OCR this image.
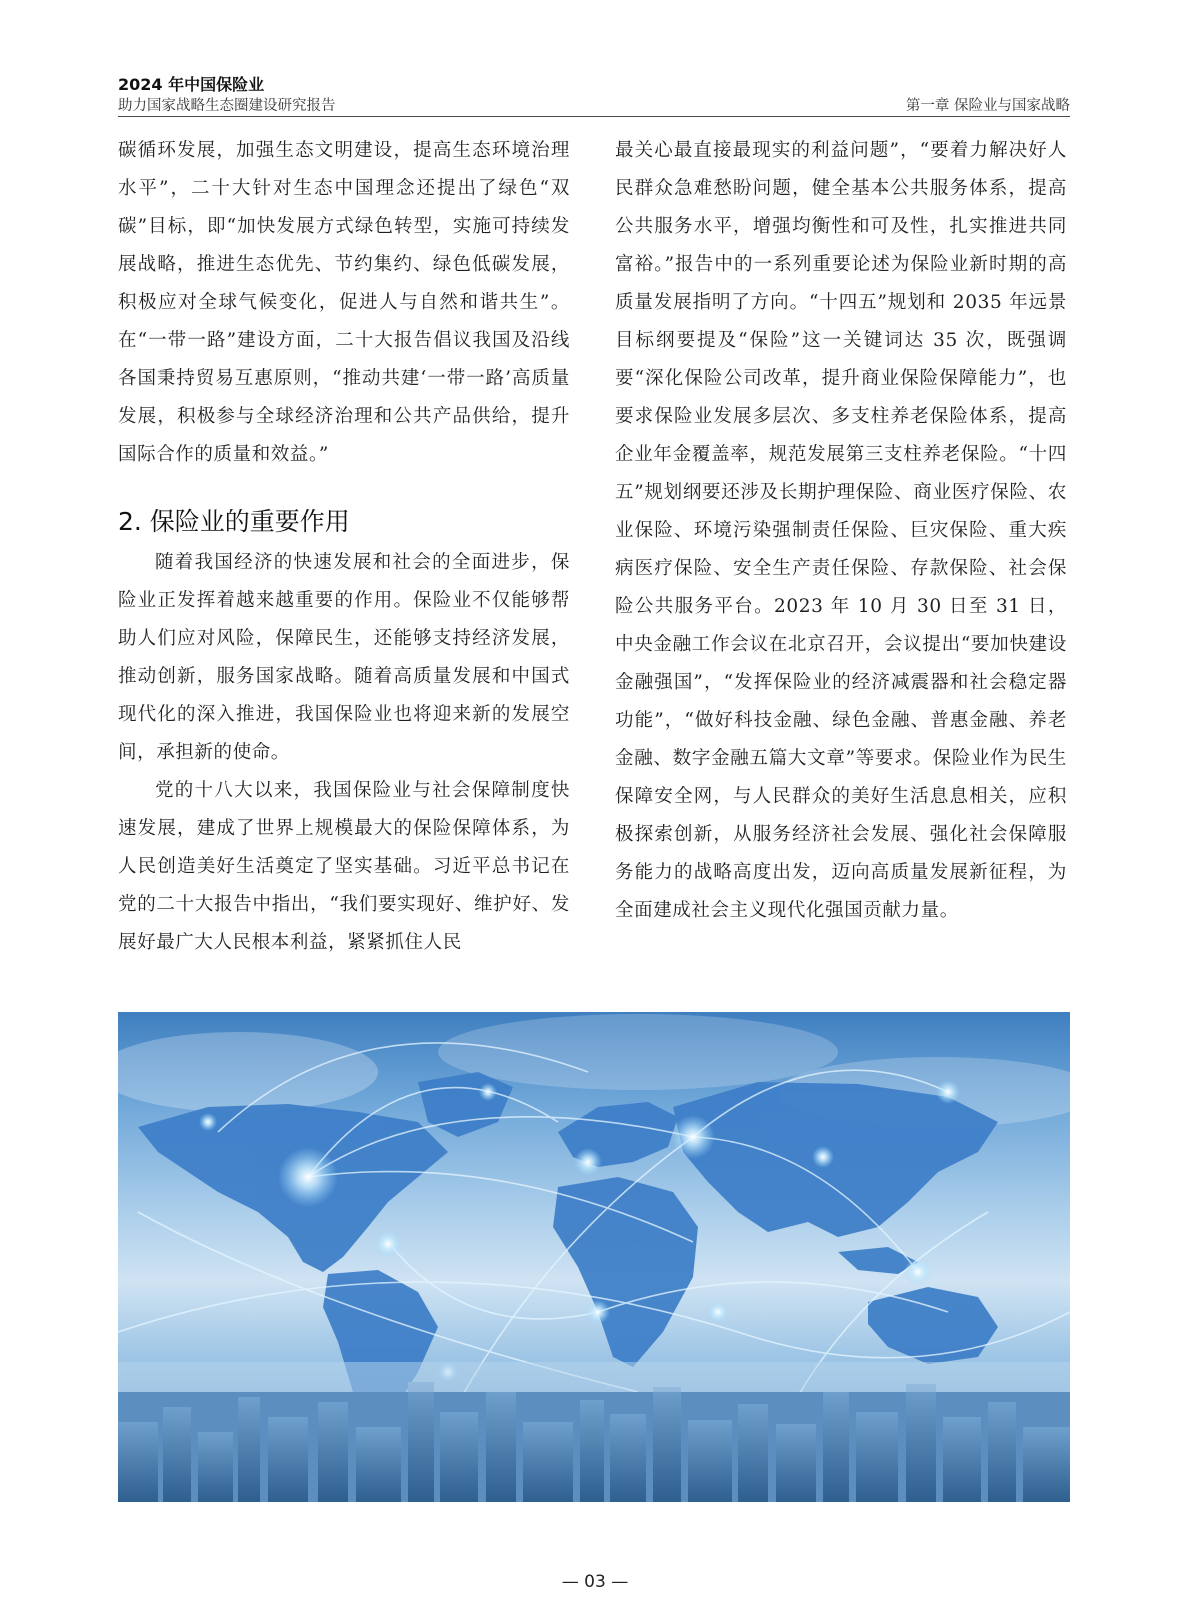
2024 年中国保险业
助力国家战略生态圈建设研究报告	第一章 保险业与国家战略

碳循环发展，加强生态文明建设，提高生态环境治理水平”，二十大针对生态中国理念还提出了绿色“双碳”目标，即“加快发展方式绿色转型，实施可持续发展战略，推进生态优先、节约集约、绿色低碳发展，积极应对全球气候变化，促进人与自然和谐共生”。在“一带一路”建设方面，二十大报告倡议我国及沿线各国秉持贸易互惠原则，“推动共建‘一带一路’高质量发展，积极参与全球经济治理和公共产品供给，提升国际合作的质量和效益。”

2. 保险业的重要作用

随着我国经济的快速发展和社会的全面进步，保险业正发挥着越来越重要的作用。保险业不仅能够帮助人们应对风险，保障民生，还能够支持经济发展，推动创新，服务国家战略。随着高质量发展和中国式现代化的深入推进，我国保险业也将迎来新的发展空间，承担新的使命。

党的十八大以来，我国保险业与社会保障制度快速发展，建成了世界上规模最大的保险保障体系，为人民创造美好生活奠定了坚实基础。习近平总书记在党的二十大报告中指出，“我们要实现好、维护好、发展好最广大人民根本利益，紧紧抓住人民

最关心最直接最现实的利益问题”，“要着力解决好人民群众急难愁盼问题，健全基本公共服务体系，提高公共服务水平，增强均衡性和可及性，扎实推进共同富裕。”报告中的一系列重要论述为保险业新时期的高质量发展指明了方向。“十四五”规划和 2035 年远景目标纲要提及“保险”这一关键词达 35 次，既强调要“深化保险公司改革，提升商业保险保障能力”，也要求保险业发展多层次、多支柱养老保险体系，提高企业年金覆盖率，规范发展第三支柱养老保险。“十四五”规划纲要还涉及长期护理保险、商业医疗保险、农业保险、环境污染强制责任保险、巨灾保险、重大疾病医疗保险、安全生产责任保险、存款保险、社会保险公共服务平台。2023 年 10 月 30 日至 31 日，中央金融工作会议在北京召开，会议提出“要加快建设金融强国”，“发挥保险业的经济减震器和社会稳定器功能”，“做好科技金融、绿色金融、普惠金融、养老金融、数字金融五篇大文章”等要求。保险业作为民生保障安全网，与人民群众的美好生活息息相关，应积极探索创新，从服务经济社会发展、强化社会保障服务能力的战略高度出发，迈向高质量发展新征程，为全面建成社会主义现代化强国贡献力量。

— 03 —
